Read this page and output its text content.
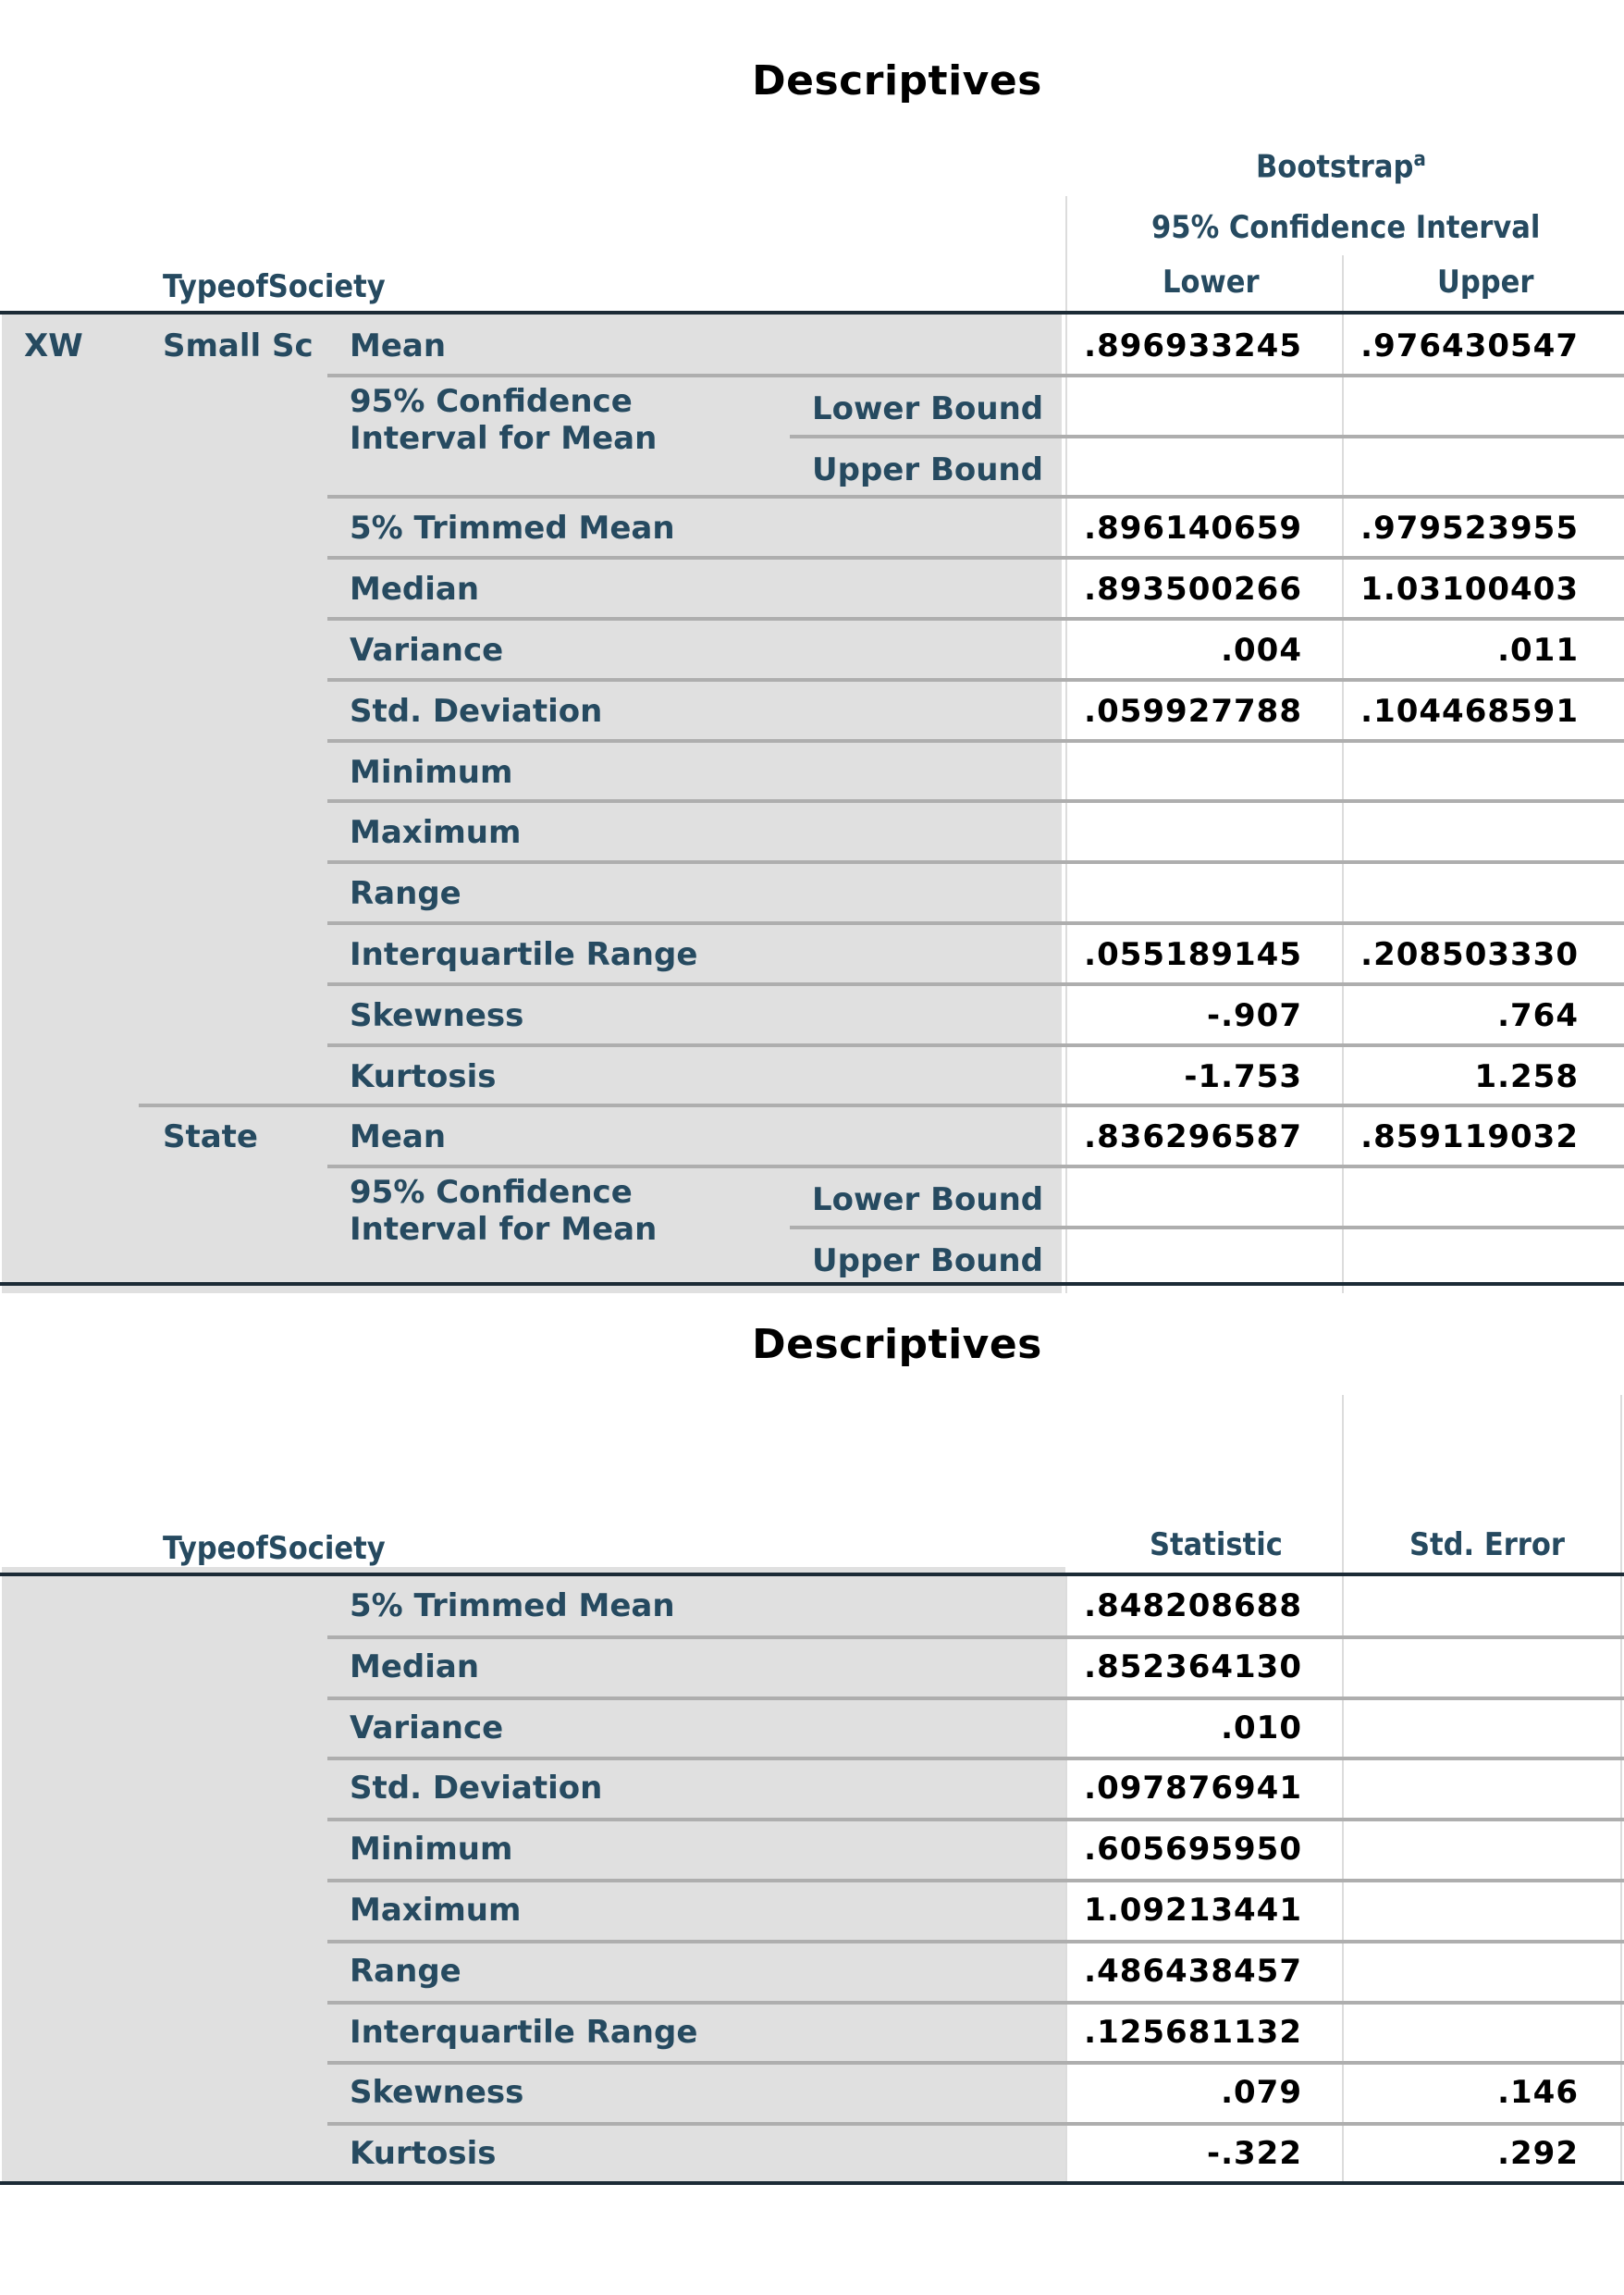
Descriptives
Bootstrap$^a$
95% Confidence Interval
TypeofSociety	Lower	Upper
XW	Small Sc Mean	.896933245	.976430547
95% Confidence Interval for Mean
Lower Bound
Upper Bound
5% Trimmed Mean	.896140659	.979523955
Median	.893500266	1.03100403
Variance	.004	.011
Std. Deviation	.059927788	.104468591
Minimum
Maximum
Range
Interquartile Range	.055189145	.208503330
Skewness	-.907	.764
Kurtosis	-1.753	1.258
State	Mean	.836296587	.859119032
95% Confidence Interval for Mean
Lower Bound
Upper Bound
Descriptives
TypeofSociety	Statistic	Std. Error
5% Trimmed Mean	.848208688
Median	.852364130
Variance	.010
Std. Deviation	.097876941
Minimum	.605695950
Maximum	1.09213441
Range	.486438457
Interquartile Range	.125681132
Skewness	.079	.146
Kurtosis	-.322	.292
